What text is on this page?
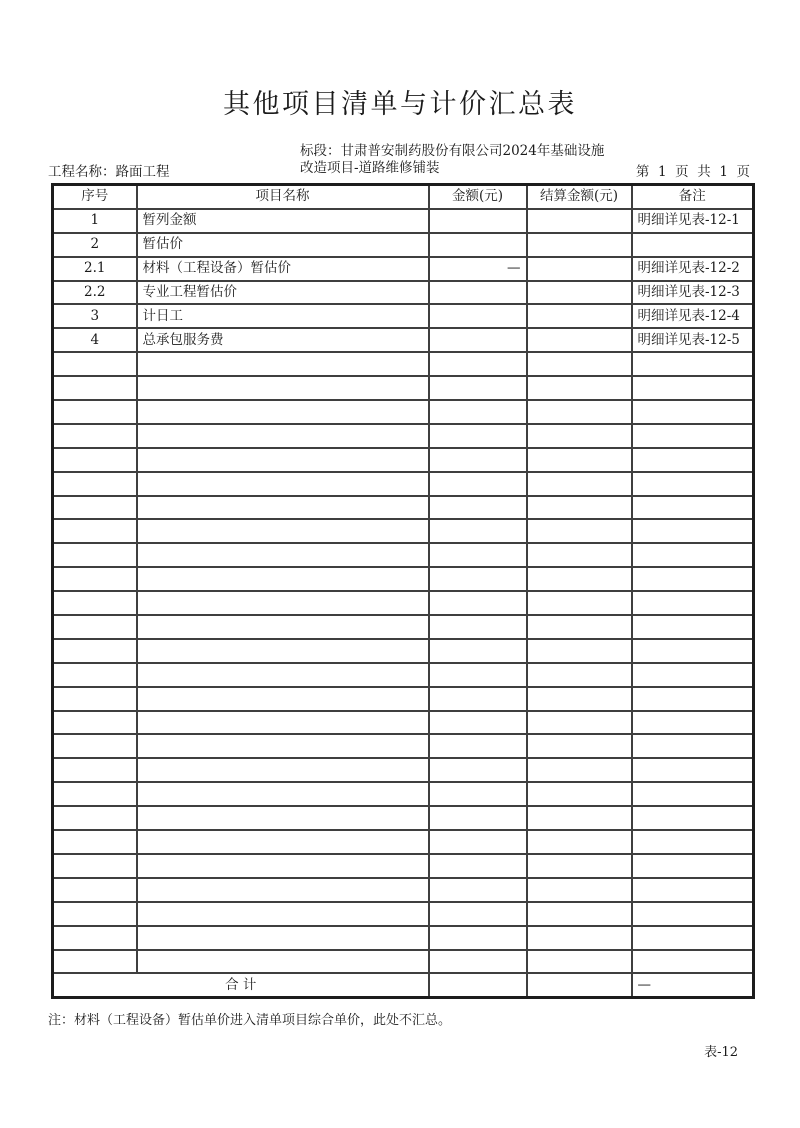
其他项目清单与计价汇总表
工程名称：路面工程
标段：甘肃普安制药股份有限公司2024年基础设施
改造项目-道路维修铺装	第  1  页  共  1  页
序号	项目名称	金额(元)	结算金额(元)	备注
1	暂列金额			明细详见表-12-1
2	暂估价			
2.1	材料（工程设备）暂估价	—		明细详见表-12-2
2.2	专业工程暂估价			明细详见表-12-3
3	计日工			明细详见表-12-4
4	总承包服务费			明细详见表-12-5

合 计				—
注：材料（工程设备）暂估单价进入清单项目综合单价，此处不汇总。
表-12
